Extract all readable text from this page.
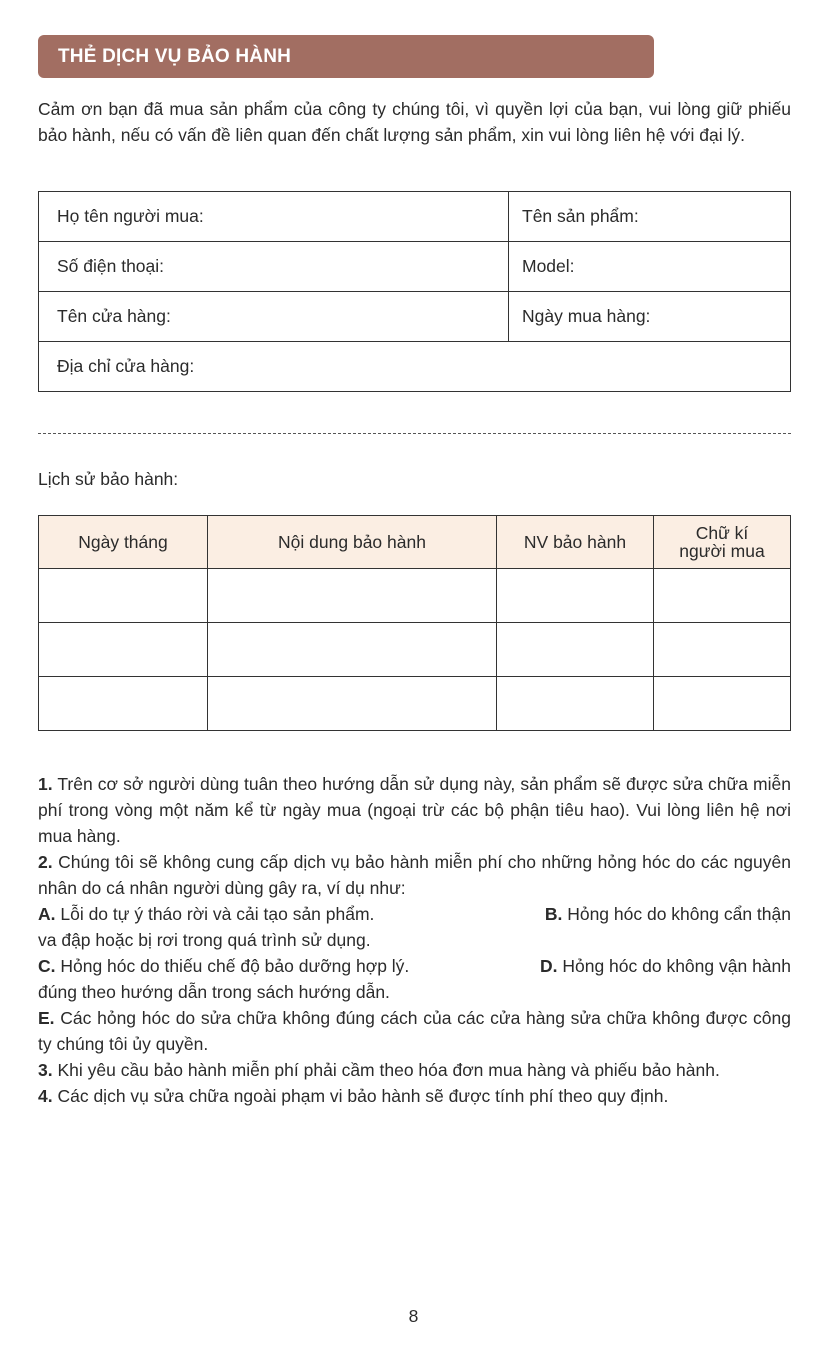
THẺ DỊCH VỤ BẢO HÀNH

Cảm ơn bạn đã mua sản phẩm của công ty chúng tôi, vì quyền lợi của bạn, vui lòng giữ phiếu bảo hành, nếu có vấn đề liên quan đến chất lượng sản phẩm, xin vui lòng liên hệ với đại lý.

Họ tên người mua:	Tên sản phẩm:
Số điện thoại:	Model:
Tên cửa hàng:	Ngày mua hàng:
Địa chỉ cửa hàng:	
Lịch sử bảo hành:
Ngày tháng	Nội dung bảo hành	NV bảo hành	Chữ kí
người mua

1. Trên cơ sở người dùng tuân theo hướng dẫn sử dụng này, sản phẩm sẽ được sửa chữa miễn phí trong vòng một năm kể từ ngày mua (ngoại trừ các bộ phận tiêu hao). Vui lòng liên hệ nơi mua hàng.

2. Chúng tôi sẽ không cung cấp dịch vụ bảo hành miễn phí cho những hỏng hóc do các nguyên nhân do cá nhân người dùng gây ra, ví dụ như:

A. Lỗi do tự ý tháo rời và cải tạo sản phẩm.	B. Hỏng hóc do không cẩn thận

va đập hoặc bị rơi trong quá trình sử dụng.

C. Hỏng hóc do thiếu chế độ bảo dưỡng hợp lý.	D. Hỏng hóc do không vận hành

đúng theo hướng dẫn trong sách hướng dẫn.

E. Các hỏng hóc do sửa chữa không đúng cách của các cửa hàng sửa chữa không được công ty chúng tôi ủy quyền.

3. Khi yêu cầu bảo hành miễn phí phải cầm theo hóa đơn mua hàng và phiếu bảo hành.

4. Các dịch vụ sửa chữa ngoài phạm vi bảo hành sẽ được tính phí theo quy định.

8
